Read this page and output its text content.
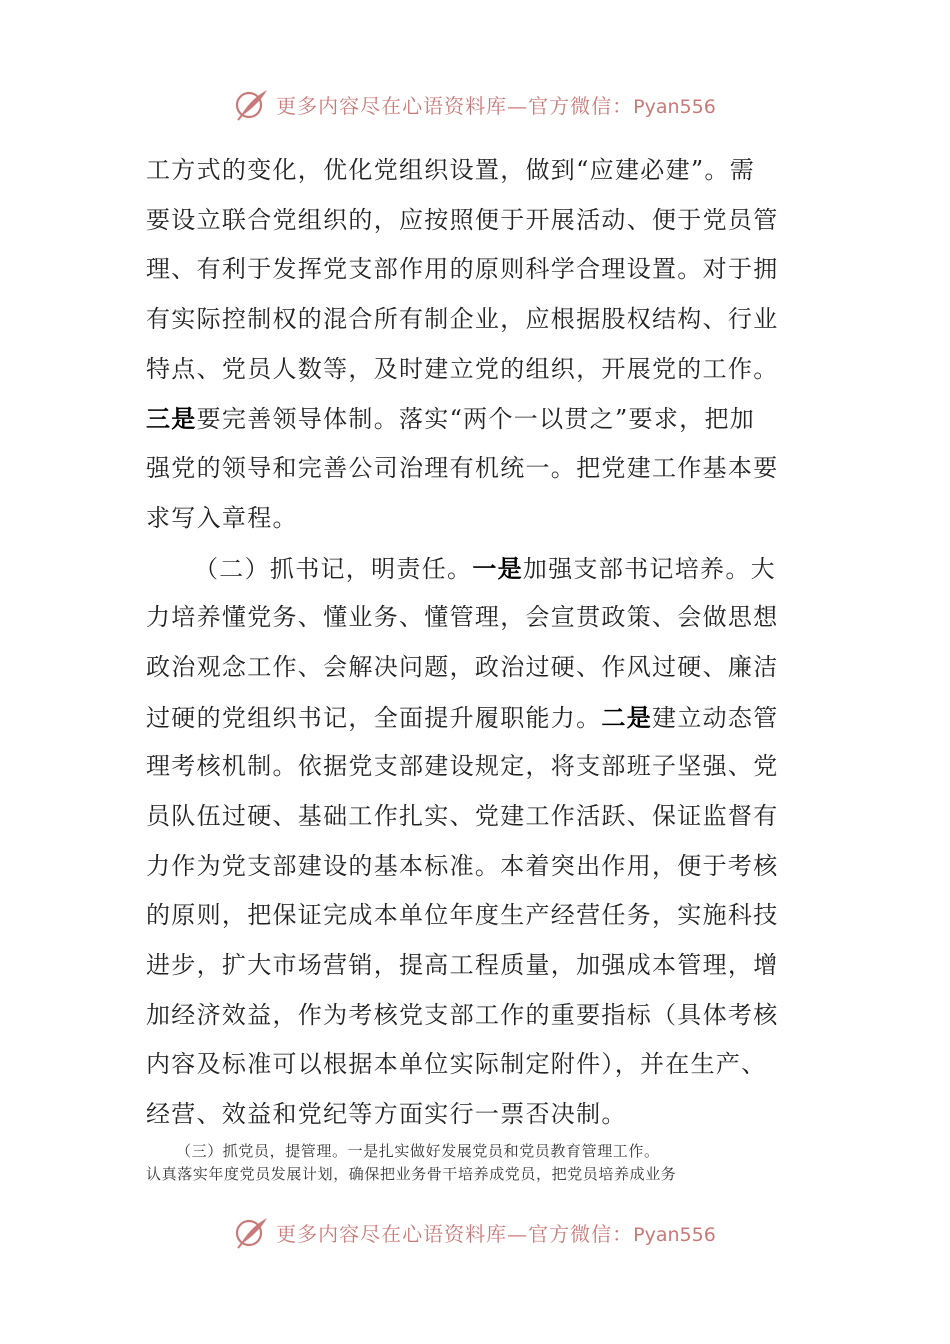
更多内容尽在心语资料库—官方微信：Pyan556
工方式的变化，优化党组织设置，做到“应建必建”。需
要设立联合党组织的，应按照便于开展活动、便于党员管
理、有利于发挥党支部作用的原则科学合理设置。对于拥
有实际控制权的混合所有制企业，应根据股权结构、行业
特点、党员人数等，及时建立党的组织，开展党的工作。
三是要完善领导体制。落实“两个一以贯之”要求，把加
强党的领导和完善公司治理有机统一。把党建工作基本要
求写入章程。
（二）抓书记，明责任。一是加强支部书记培养。大
力培养懂党务、懂业务、懂管理，会宣贯政策、会做思想
政治观念工作、会解决问题，政治过硬、作风过硬、廉洁
过硬的党组织书记，全面提升履职能力。二是建立动态管
理考核机制。依据党支部建设规定，将支部班子坚强、党
员队伍过硬、基础工作扎实、党建工作活跃、保证监督有
力作为党支部建设的基本标准。本着突出作用，便于考核
的原则，把保证完成本单位年度生产经营任务，实施科技
进步，扩大市场营销，提高工程质量，加强成本管理，增
加经济效益，作为考核党支部工作的重要指标（具体考核
内容及标准可以根据本单位实际制定附件），并在生产、
经营、效益和党纪等方面实行一票否决制。
（三）抓党员，提管理。一是扎实做好发展党员和党员教育管理工作。
认真落实年度党员发展计划，确保把业务骨干培养成党员，把党员培养成业务
更多内容尽在心语资料库—官方微信：Pyan556
